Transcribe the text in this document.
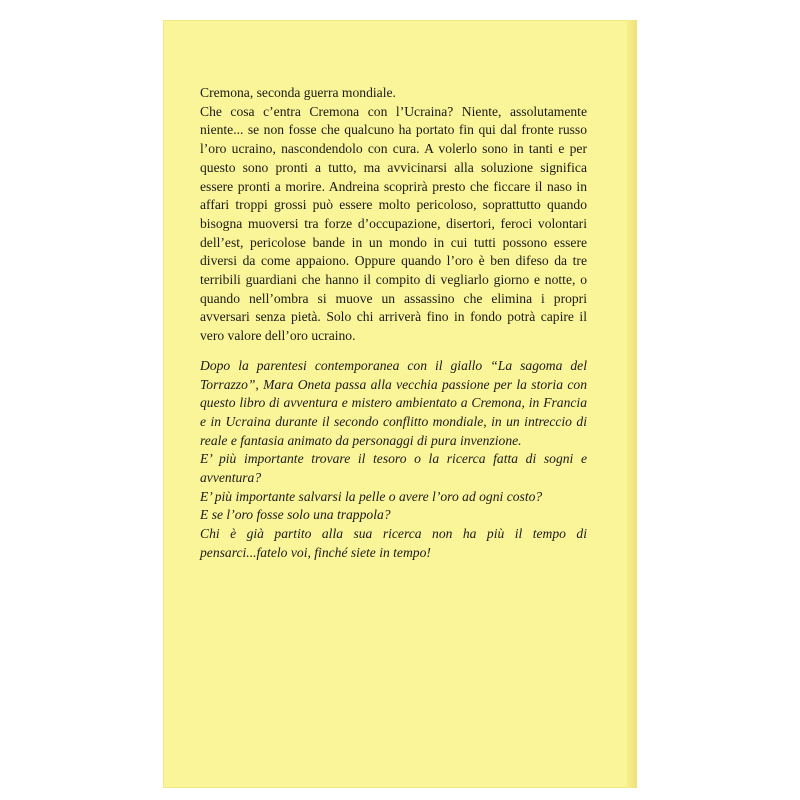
Cremona, seconda guerra mondiale.

Che cosa c’entra Cremona con l’Ucraina? Niente, assolutamente niente... se non fosse che qualcuno ha portato fin qui dal fronte russo l’oro ucraino, nascondendolo con cura. A volerlo sono in tanti e per questo sono pronti a tutto, ma avvicinarsi alla soluzione significa essere pronti a morire. Andreina scoprirà presto che ficcare il naso in affari troppi grossi può essere molto pericoloso, soprattutto quando bisogna muoversi tra forze d’occupazione, disertori, feroci volontari dell’est, pericolose bande in un mondo in cui tutti possono essere diversi da come appaiono. Oppure quando l’oro è ben difeso da tre terribili guardiani che hanno il compito di vegliarlo giorno e notte, o quando nell’ombra si muove un assassino che elimina i propri avversari senza pietà. Solo chi arriverà fino in fondo potrà capire il vero valore dell’oro ucraino.

Dopo la parentesi contemporanea con il giallo “La sagoma del Torrazzo”, Mara Oneta passa alla vecchia passione per la storia con questo libro di avventura e mistero ambientato a Cremona, in Francia e in Ucraina durante il secondo conflitto mondiale, in un intreccio di reale e fantasia animato da personaggi di pura invenzione.

E’ più importante trovare il tesoro o la ricerca fatta di sogni e avventura?

E’ più importante salvarsi la pelle o avere l’oro ad ogni costo?

E se l’oro fosse solo una trappola?

Chi è già partito alla sua ricerca non ha più il tempo di pensarci...fatelo voi, finché siete in tempo!
